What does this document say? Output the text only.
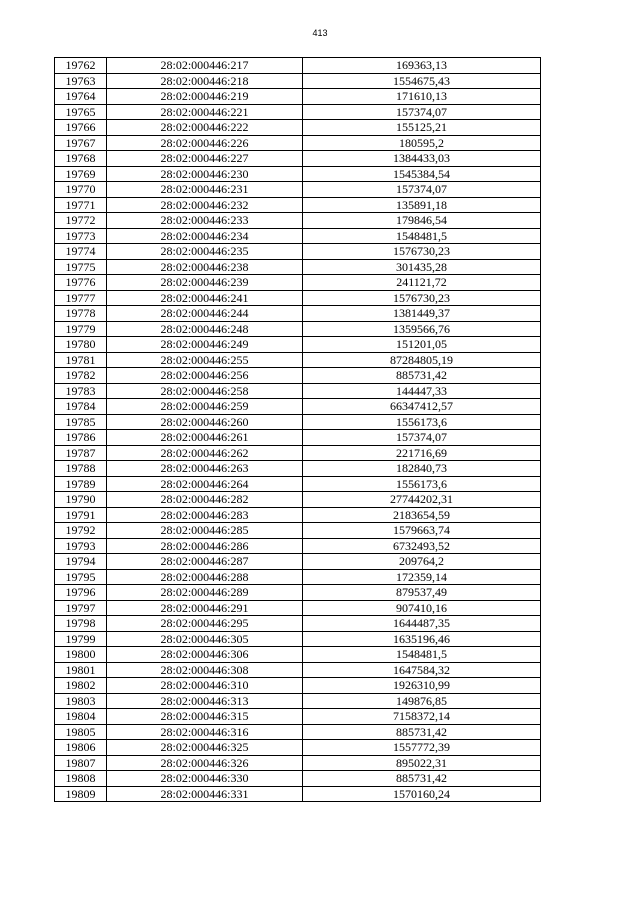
413
19762	28:02:000446:217	169363,13
19763	28:02:000446:218	1554675,43
19764	28:02:000446:219	171610,13
19765	28:02:000446:221	157374,07
19766	28:02:000446:222	155125,21
19767	28:02:000446:226	180595,2
19768	28:02:000446:227	1384433,03
19769	28:02:000446:230	1545384,54
19770	28:02:000446:231	157374,07
19771	28:02:000446:232	135891,18
19772	28:02:000446:233	179846,54
19773	28:02:000446:234	1548481,5
19774	28:02:000446:235	1576730,23
19775	28:02:000446:238	301435,28
19776	28:02:000446:239	241121,72
19777	28:02:000446:241	1576730,23
19778	28:02:000446:244	1381449,37
19779	28:02:000446:248	1359566,76
19780	28:02:000446:249	151201,05
19781	28:02:000446:255	87284805,19
19782	28:02:000446:256	885731,42
19783	28:02:000446:258	144447,33
19784	28:02:000446:259	66347412,57
19785	28:02:000446:260	1556173,6
19786	28:02:000446:261	157374,07
19787	28:02:000446:262	221716,69
19788	28:02:000446:263	182840,73
19789	28:02:000446:264	1556173,6
19790	28:02:000446:282	27744202,31
19791	28:02:000446:283	2183654,59
19792	28:02:000446:285	1579663,74
19793	28:02:000446:286	6732493,52
19794	28:02:000446:287	209764,2
19795	28:02:000446:288	172359,14
19796	28:02:000446:289	879537,49
19797	28:02:000446:291	907410,16
19798	28:02:000446:295	1644487,35
19799	28:02:000446:305	1635196,46
19800	28:02:000446:306	1548481,5
19801	28:02:000446:308	1647584,32
19802	28:02:000446:310	1926310,99
19803	28:02:000446:313	149876,85
19804	28:02:000446:315	7158372,14
19805	28:02:000446:316	885731,42
19806	28:02:000446:325	1557772,39
19807	28:02:000446:326	895022,31
19808	28:02:000446:330	885731,42
19809	28:02:000446:331	1570160,24
